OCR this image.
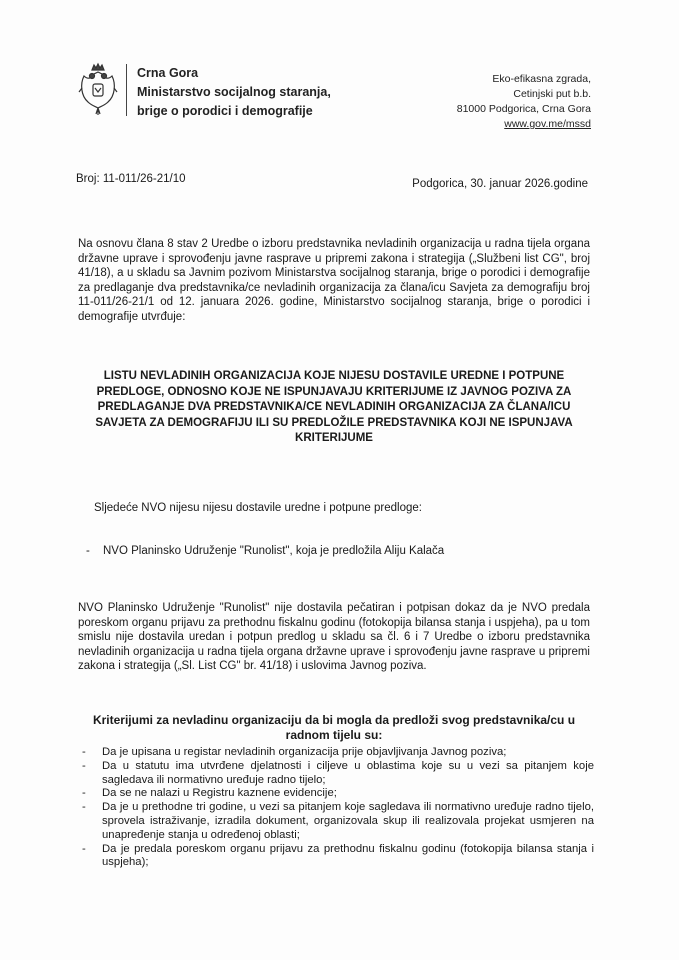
Crna Gora
Ministarstvo socijalnog staranja,
brige o porodici i demografije
Eko-efikasna zgrada,
Cetinjski put b.b.
81000 Podgorica, Crna Gora
www.gov.me/mssd
Broj: 11-011/26-21/10	Podgorica, 30. januar 2026.godine
Na osnovu člana 8 stav 2 Uredbe o izboru predstavnika nevladinih organizacija u radna tijela organa državne uprave i sprovođenju javne rasprave u pripremi zakona i strategija („Službeni list CG", broj 41/18), a u skladu sa Javnim pozivom Ministarstva socijalnog staranja, brige o porodici i demografije za predlaganje dva predstavnika/ce nevladinih organizacija za člana/icu Savjeta za demografiju broj 11-011/26-21/1 od 12. januara 2026. godine, Ministarstvo socijalnog staranja, brige o porodici i demografije utvrđuje:
LISTU NEVLADINIH ORGANIZACIJA KOJE NIJESU DOSTAVILE UREDNE I POTPUNE PREDLOGE, ODNOSNO KOJE NE ISPUNJAVAJU KRITERIJUME IZ JAVNOG POZIVA ZA PREDLAGANJE DVA PREDSTAVNIKA/CE NEVLADINIH ORGANIZACIJA ZA ČLANA/ICU SAVJETA ZA DEMOGRAFIJU ILI SU PREDLOŽILE PREDSTAVNIKA KOJI NE ISPUNJAVA KRITERIJUME
Sljedeće NVO nijesu nijesu dostavile uredne i potpune predloge:
- NVO Planinsko Udruženje "Runolist", koja je predložila Aliju Kalača
NVO Planinsko Udruženje "Runolist" nije dostavila pečatiran i potpisan dokaz da je NVO predala poreskom organu prijavu za prethodnu fiskalnu godinu (fotokopija bilansa stanja i uspjeha), pa u tom smislu nije dostavila uredan i potpun predlog u skladu sa čl. 6 i 7 Uredbe o izboru predstavnika nevladinih organizacija u radna tijela organa državne uprave i sprovođenju javne rasprave u pripremi zakona i strategija („Sl. List CG" br. 41/18) i uslovima Javnog poziva.
Kriterijumi za nevladinu organizaciju da bi mogla da predloži svog predstavnika/cu u radnom tijelu su:
- Da je upisana u registar nevladinih organizacija prije objavljivanja Javnog poziva;
- Da u statutu ima utvrđene djelatnosti i ciljeve u oblastima koje su u vezi sa pitanjem koje sagledava ili normativno uređuje radno tijelo;
- Da se ne nalazi u Registru kaznene evidencije;
- Da je u prethodne tri godine, u vezi sa pitanjem koje sagledava ili normativno uređuje radno tijelo, sprovela istraživanje, izradila dokument, organizovala skup ili realizovala projekat usmjeren na unapređenje stanja u određenoj oblasti;
- Da je predala poreskom organu prijavu za prethodnu fiskalnu godinu (fotokopija bilansa stanja i uspjeha);
